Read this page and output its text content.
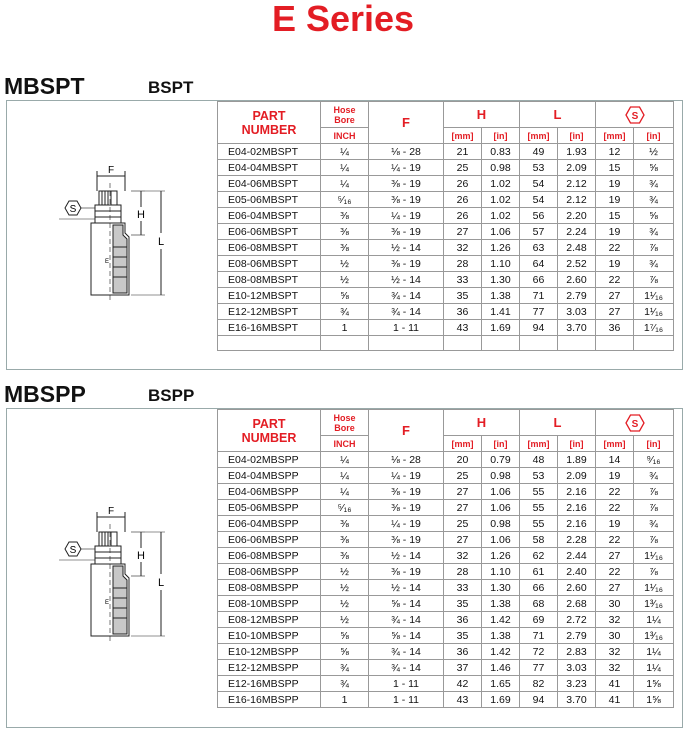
E Series
MBSPT	BSPT
F
H
L
S
E
PART
NUMBER	Hose
Bore	F	H		L		S	

	INCH		[mm]	[in]	[mm]	[in]	[mm]	[in]
E04-02MBSPT	¼	⅛ - 28	21	0.83	49	1.93	12	½
E04-04MBSPT	¼	¼ - 19	25	0.98	53	2.09	15	⅝
E04-06MBSPT	¼	⅜ - 19	26	1.02	54	2.12	19	¾
E05-06MBSPT	⁵⁄₁₆	⅜ - 19	26	1.02	54	2.12	19	¾
E06-04MBSPT	⅜	¼ - 19	26	1.02	56	2.20	15	⅝
E06-06MBSPT	⅜	⅜ - 19	27	1.06	57	2.24	19	¾
E06-08MBSPT	⅜	½ - 14	32	1.26	63	2.48	22	⅞
E08-06MBSPT	½	⅜ - 19	28	1.10	64	2.52	19	¾
E08-08MBSPT	½	½ - 14	33	1.30	66	2.60	22	⅞
E10-12MBSPT	⅝	¾ - 14	35	1.38	71	2.79	27	1¹⁄₁₆
E12-12MBSPT	¾	¾ - 14	36	1.41	77	3.03	27	1¹⁄₁₆
E16-16MBSPT	1	1 - 11	43	1.69	94	3.70	36	1⁷⁄₁₆

MBSPP	BSPP
F
H
L
S
E
PART
NUMBER	Hose
Bore	F	H		L		S	

	INCH		[mm]	[in]	[mm]	[in]	[mm]	[in]
E04-02MBSPP	¼	⅛ - 28	20	0.79	48	1.89	14	⁹⁄₁₆
E04-04MBSPP	¼	¼ - 19	25	0.98	53	2.09	19	¾
E04-06MBSPP	¼	⅜ - 19	27	1.06	55	2.16	22	⅞
E05-06MBSPP	⁵⁄₁₆	⅜ - 19	27	1.06	55	2.16	22	⅞
E06-04MBSPP	⅜	¼ - 19	25	0.98	55	2.16	19	¾
E06-06MBSPP	⅜	⅜ - 19	27	1.06	58	2.28	22	⅞
E06-08MBSPP	⅜	½ - 14	32	1.26	62	2.44	27	1¹⁄₁₆
E08-06MBSPP	½	⅜ - 19	28	1.10	61	2.40	22	⅞
E08-08MBSPP	½	½ - 14	33	1.30	66	2.60	27	1¹⁄₁₆
E08-10MBSPP	½	⅝ - 14	35	1.38	68	2.68	30	1³⁄₁₆
E08-12MBSPP	½	¾ - 14	36	1.42	69	2.72	32	1¼
E10-10MBSPP	⅝	⅝ - 14	35	1.38	71	2.79	30	1³⁄₁₆
E10-12MBSPP	⅝	¾ - 14	36	1.42	72	2.83	32	1¼
E12-12MBSPP	¾	¾ - 14	37	1.46	77	3.03	32	1¼
E12-16MBSPP	¾	1 - 11	42	1.65	82	3.23	41	1⅝
E16-16MBSPP	1	1 - 11	43	1.69	94	3.70	41	1⅝
